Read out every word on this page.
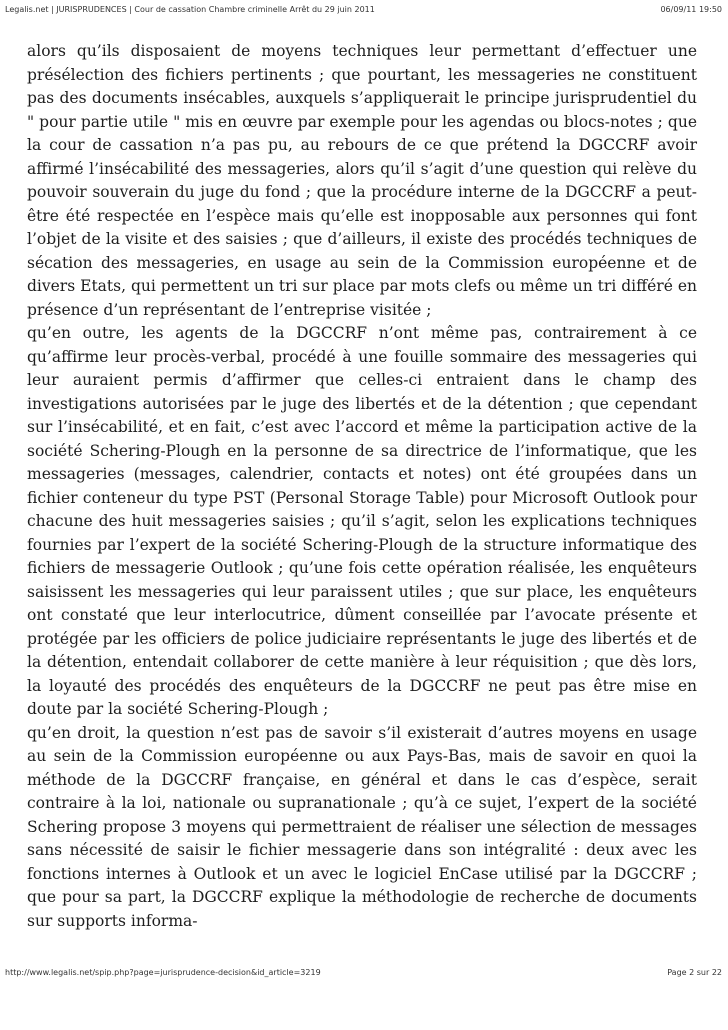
Legalis.net | JURISPRUDENCES | Cour de cassation Chambre criminelle Arrêt du 29 juin 2011	06/09/11 19:50

alors qu’ils disposaient de moyens techniques leur permettant d’effectuer une présélection des fichiers pertinents ; que pourtant, les messageries ne constituent pas des documents insécables, auxquels s’appliquerait le principe jurisprudentiel du " pour partie utile " mis en œuvre par exemple pour les agendas ou blocs-notes ; que la cour de cassation n’a pas pu, au rebours de ce que prétend la DGCCRF avoir affirmé l’insécabilité des messageries, alors qu’il s’agit d’une question qui relève du pouvoir souverain du juge du fond ; que la procédure interne de la DGCCRF a peut-être été respectée en l’espèce mais qu’elle est inopposable aux personnes qui font l’objet de la visite et des saisies ; que d’ailleurs, il existe des procédés techniques de sécation des messageries, en usage au sein de la Commission européenne et de divers Etats, qui permettent un tri sur place par mots clefs ou même un tri différé en présence d’un représentant de l’entreprise visitée ;

qu’en outre, les agents de la DGCCRF n’ont même pas, contrairement à ce qu’affirme leur procès-verbal, procédé à une fouille sommaire des messageries qui leur auraient permis d’affirmer que celles-ci entraient dans le champ des investigations autorisées par le juge des libertés et de la détention ; que cependant sur l’insécabilité, et en fait, c’est avec l’accord et même la participation active de la société Schering-Plough en la personne de sa directrice de l’informatique, que les messageries (messages, calendrier, contacts et notes) ont été groupées dans un fichier conteneur du type PST (Personal Storage Table) pour Microsoft Outlook pour chacune des huit messageries saisies ; qu’il s’agit, selon les explications techniques fournies par l’expert de la société Schering-Plough de la structure informatique des fichiers de messagerie Outlook ; qu’une fois cette opération réalisée, les enquêteurs saisissent les messageries qui leur paraissent utiles ; que sur place, les enquêteurs ont constaté que leur interlocutrice, dûment conseillée par l’avocate présente et protégée par les officiers de police judiciaire représentants le juge des libertés et de la détention, entendait collaborer de cette manière à leur réquisition ; que dès lors, la loyauté des procédés des enquêteurs de la DGCCRF ne peut pas être mise en doute par la société Schering-Plough ;

qu’en droit, la question n’est pas de savoir s’il existerait d’autres moyens en usage au sein de la Commission européenne ou aux Pays-Bas, mais de savoir en quoi la méthode de la DGCCRF française, en général et dans le cas d’espèce, serait contraire à la loi, nationale ou supranationale ; qu’à ce sujet, l’expert de la société Schering propose 3 moyens qui permettraient de réaliser une sélection de messages sans nécessité de saisir le fichier messagerie dans son intégralité : deux avec les fonctions internes à Outlook et un avec le logiciel EnCase utilisé par la DGCCRF ; que pour sa part, la DGCCRF explique la méthodologie de recherche de documents sur supports informa-

http://www.legalis.net/spip.php?page=jurisprudence-decision&id_article=3219	Page 2 sur 22
